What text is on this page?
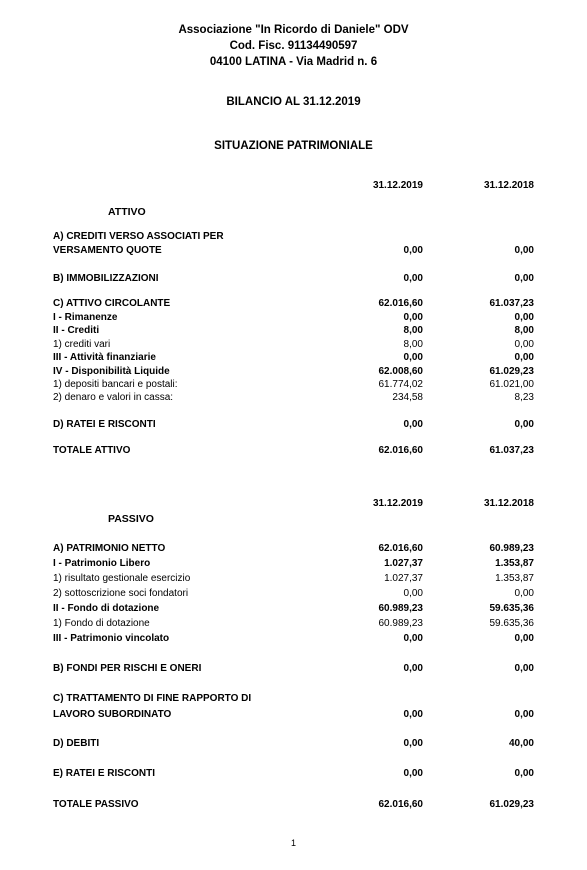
Associazione "In Ricordo di Daniele" ODV
Cod. Fisc. 91134490597
04100 LATINA - Via Madrid n. 6
BILANCIO AL 31.12.2019
SITUAZIONE PATRIMONIALE
31.12.2019	31.12.2018
ATTIVO
A) CREDITI VERSO ASSOCIATI PER
VERSAMENTO QUOTE	0,00	0,00
B) IMMOBILIZZAZIONI	0,00	0,00
C) ATTIVO CIRCOLANTE	62.016,60	61.037,23
I - Rimanenze	0,00	0,00
II - Crediti	8,00	8,00
1) crediti vari	8,00	0,00
III - Attività finanziarie	0,00	0,00
IV - Disponibilità Liquide	62.008,60	61.029,23
1) depositi bancari e postali:	61.774,02	61.021,00
2) denaro e valori in cassa:	234,58	8,23
D) RATEI E RISCONTI	0,00	0,00
TOTALE ATTIVO	62.016,60	61.037,23
31.12.2019	31.12.2018
PASSIVO
A) PATRIMONIO NETTO	62.016,60	60.989,23
I - Patrimonio Libero	1.027,37	1.353,87
1) risultato gestionale esercizio	1.027,37	1.353,87
2) sottoscrizione soci fondatori	0,00	0,00
II - Fondo di dotazione	60.989,23	59.635,36
1) Fondo di dotazione	60.989,23	59.635,36
III - Patrimonio vincolato	0,00	0,00
B) FONDI PER RISCHI E ONERI	0,00	0,00
C) TRATTAMENTO DI FINE RAPPORTO DI
LAVORO SUBORDINATO	0,00	0,00
D) DEBITI	0,00	40,00
E) RATEI E RISCONTI	0,00	0,00
TOTALE PASSIVO	62.016,60	61.029,23
1
